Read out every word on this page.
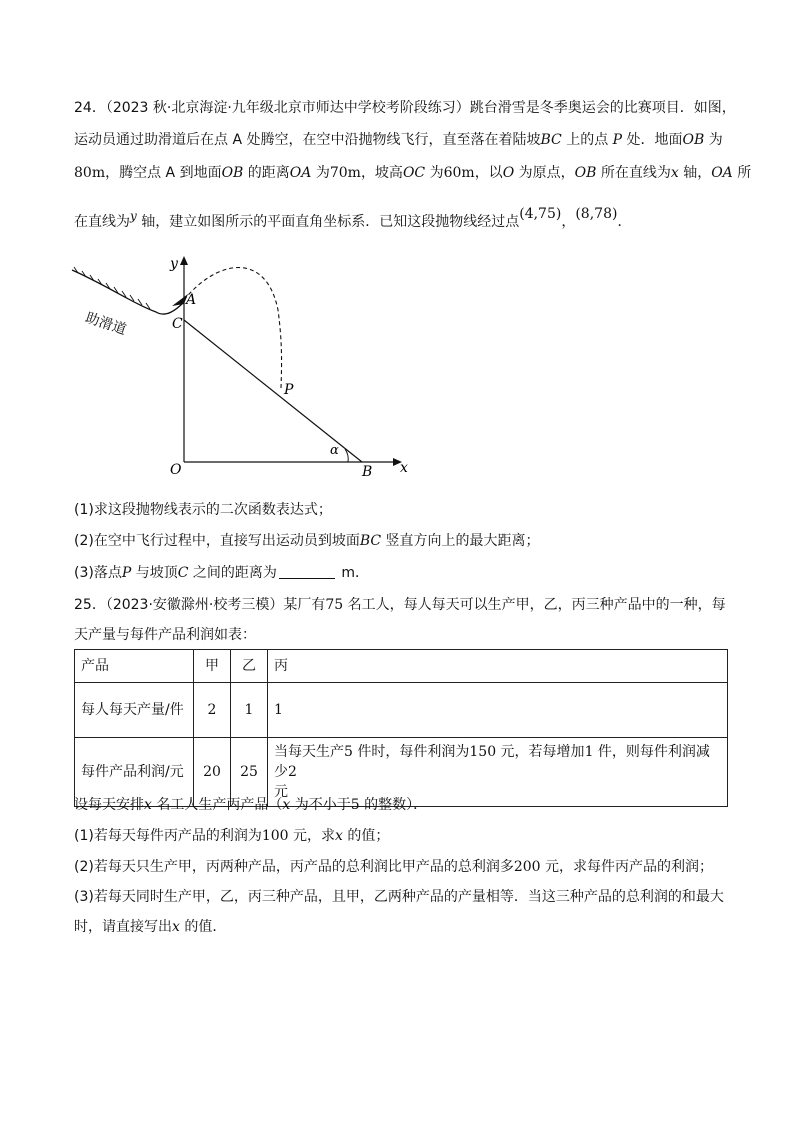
24．（2023 秋·北京海淀·九年级北京市师达中学校考阶段练习）跳台滑雪是冬季奥运会的比赛项目．如图，
运动员通过助滑道后在点 A 处腾空，在空中沿抛物线飞行，直至落在着陆坡BC 上的点 P 处．地面OB 为
80m，腾空点 A 到地面OB 的距离OA 为70m，坡高OC 为60m，以O 为原点，OB 所在直线为x 轴，OA 所
在直线为y 轴，建立如图所示的平面直角坐标系．已知这段抛物线经过点(4,75)，(8,78)．
助滑道
y
x
A
C
P
O	B
α
(1)求这段抛物线表示的二次函数表达式；
(2)在空中飞行过程中，直接写出运动员到坡面BC 竖直方向上的最大距离；
(3)落点P 与坡顶C 之间的距离为	m．
25．（2023·安徽滁州·校考三模）某厂有75 名工人，每人每天可以生产甲，乙，丙三种产品中的一种，每
天产量与每件产品利润如表：
产品	甲	乙	丙
每人每天产量/件	2	1	1
每件产品利润/元	20	25	当每天生产5 件时，每件利润为150 元，若每增加1 件，则每件利润减少2
元
设每天安排x 名工人生产丙产品（x 为不小于5 的整数）．
(1)若每天每件丙产品的利润为100 元，求x 的值；
(2)若每天只生产甲，丙两种产品，丙产品的总利润比甲产品的总利润多200 元，求每件丙产品的利润；
(3)若每天同时生产甲，乙，丙三种产品，且甲，乙两种产品的产量相等．当这三种产品的总利润的和最大
时，请直接写出x 的值．
